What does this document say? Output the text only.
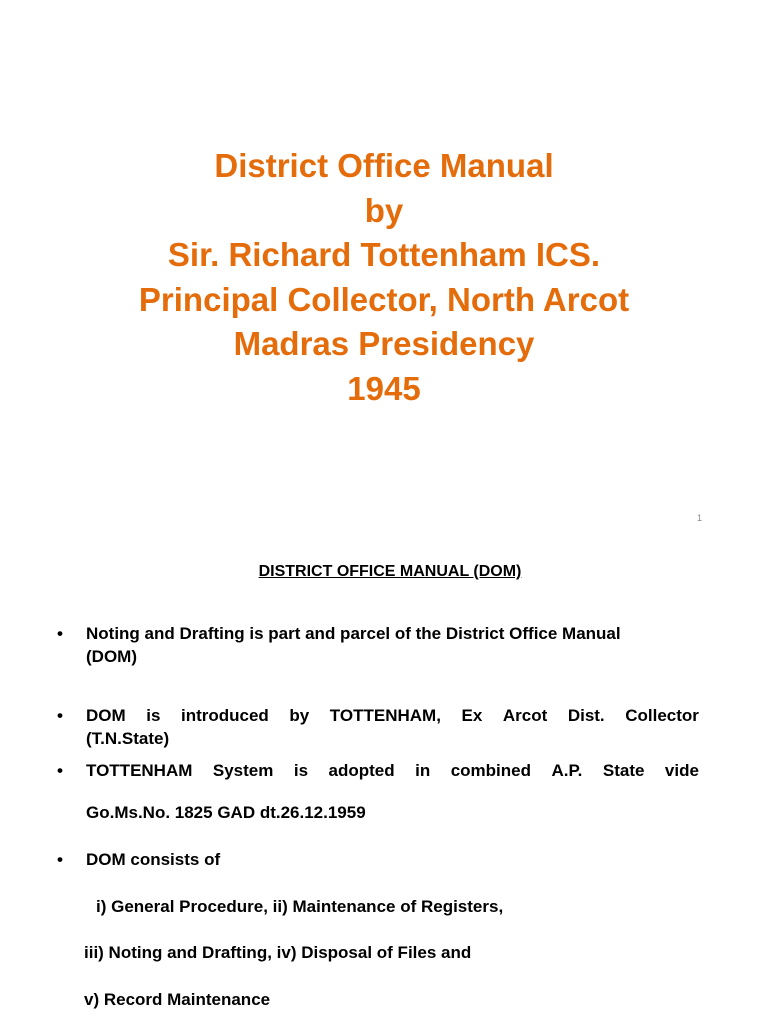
District Office Manual
by
Sir. Richard Tottenham ICS.
Principal Collector, North Arcot
Madras Presidency
1945
1
DISTRICT OFFICE MANUAL (DOM)
• Noting and Drafting is part and parcel of the District Office Manual
(DOM)
• DOM is introduced by TOTTENHAM, Ex Arcot Dist. Collector
(T.N.State)
• TOTTENHAM System is adopted in combined A.P. State vide
Go.Ms.No. 1825 GAD dt.26.12.1959
• DOM consists of
i) General Procedure, ii) Maintenance of Registers,
iii) Noting and Drafting, iv) Disposal of Files and
v) Record Maintenance
